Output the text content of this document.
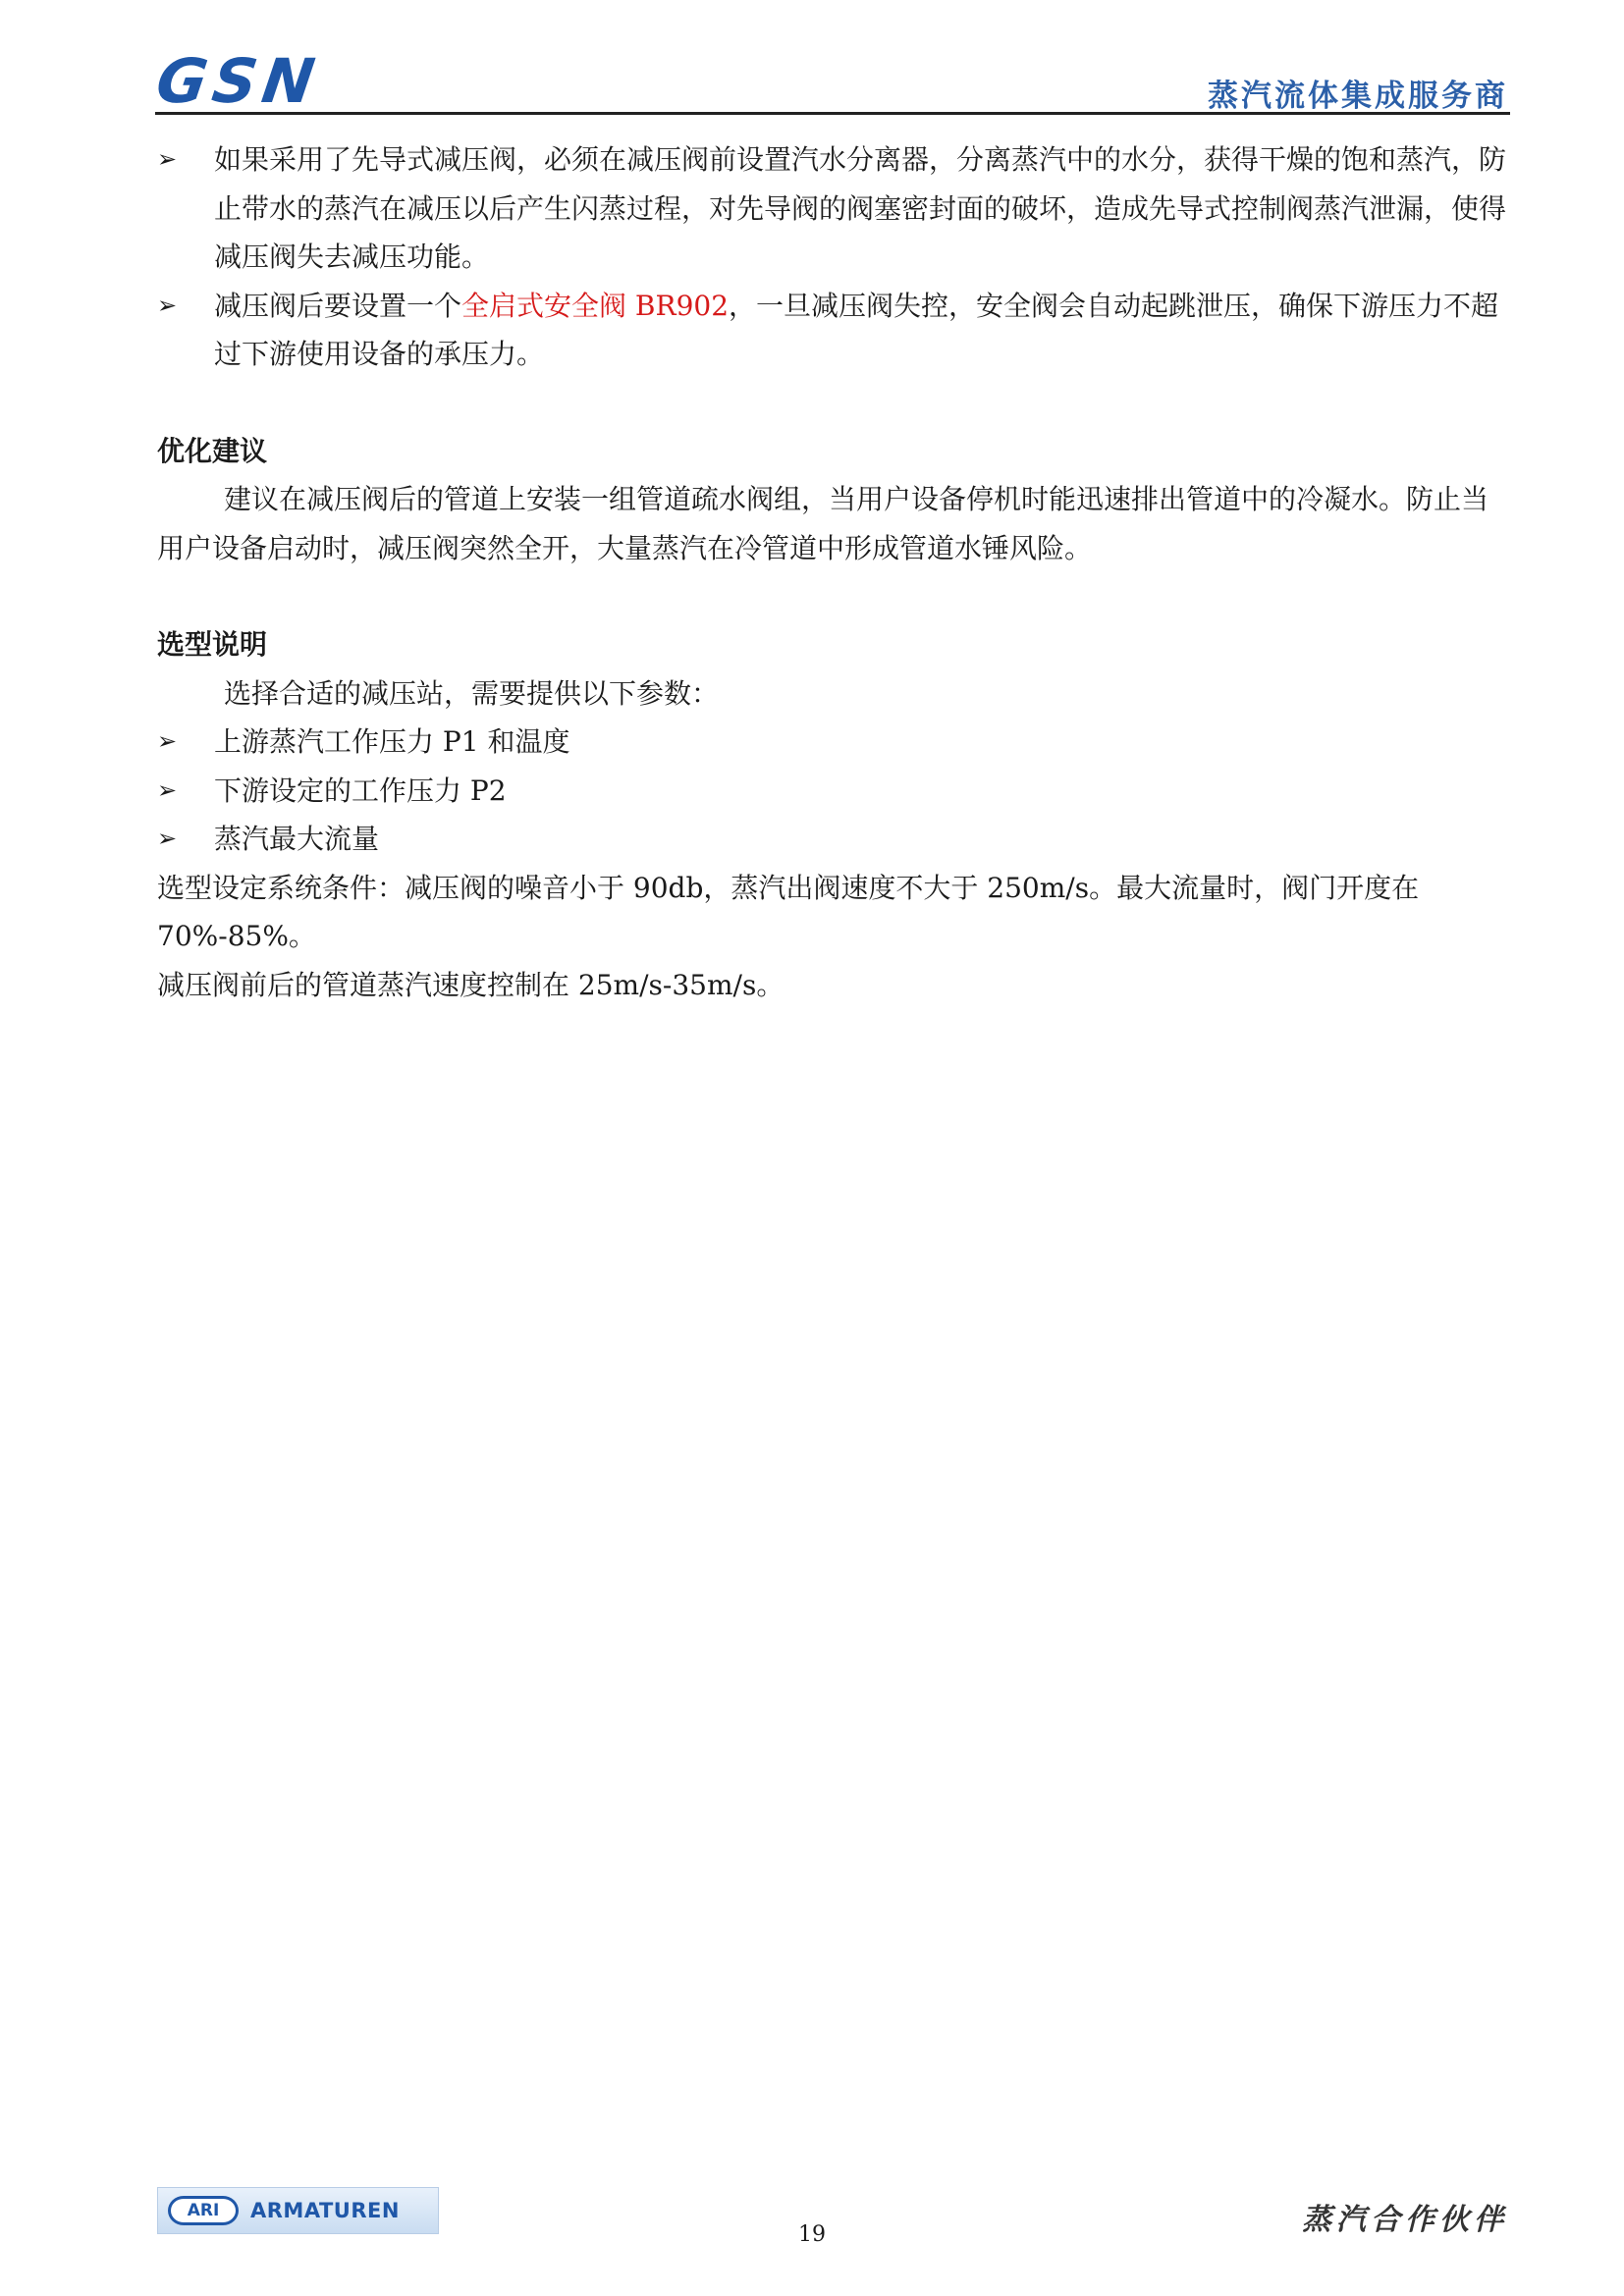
GSN	蒸汽流体集成服务商
➢ 如果采用了先导式减压阀，必须在减压阀前设置汽水分离器，分离蒸汽中的水分，获得干燥的饱和蒸汽，防止带水的蒸汽在减压以后产生闪蒸过程，对先导阀的阀塞密封面的破坏，造成先导式控制阀蒸汽泄漏，使得减压阀失去减压功能。
➢ 减压阀后要设置一个全启式安全阀 BR902，一旦减压阀失控，安全阀会自动起跳泄压，确保下游压力不超过下游使用设备的承压力。
优化建议
建议在减压阀后的管道上安装一组管道疏水阀组，当用户设备停机时能迅速排出管道中的冷凝水。防止当用户设备启动时，减压阀突然全开，大量蒸汽在冷管道中形成管道水锤风险。
选型说明
选择合适的减压站，需要提供以下参数：
➢ 上游蒸汽工作压力 P1 和温度
➢ 下游设定的工作压力 P2
➢ 蒸汽最大流量
选型设定系统条件：减压阀的噪音小于 90db，蒸汽出阀速度不大于 250m/s。最大流量时，阀门开度在 70%-85%。
减压阀前后的管道蒸汽速度控制在 25m/s-35m/s。
ARI	ARMATUREN
19	蒸汽合作伙伴
